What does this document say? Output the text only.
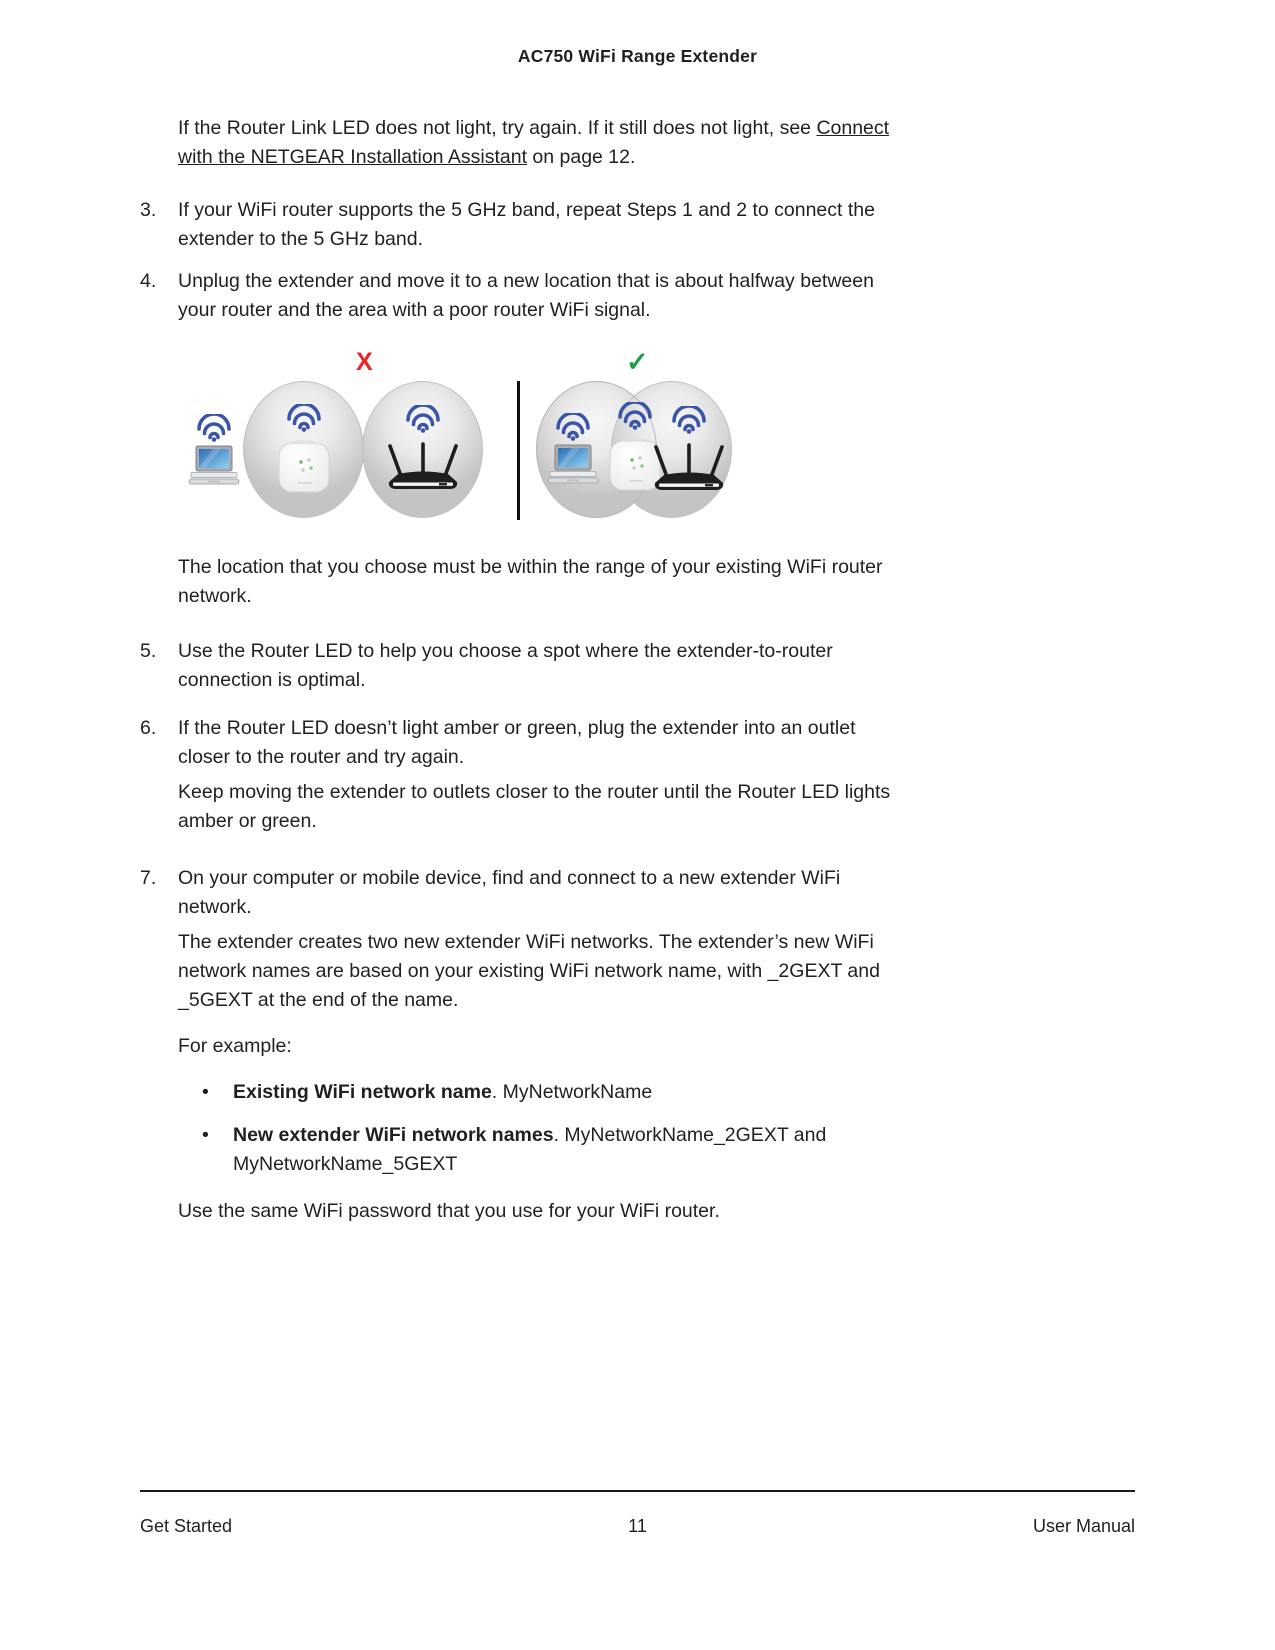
AC750 WiFi Range Extender
If the Router Link LED does not light, try again. If it still does not light, see Connect
with the NETGEAR Installation Assistant on page 12.
3.	If your WiFi router supports the 5 GHz band, repeat Steps 1 and 2 to connect the
extender to the 5 GHz band.
4.	Unplug the extender and move it to a new location that is about halfway between
your router and the area with a poor router WiFi signal.
X	✓
The location that you choose must be within the range of your existing WiFi router
network.
5.	Use the Router LED to help you choose a spot where the extender-to-router
connection is optimal.
6.	If the Router LED doesn’t light amber or green, plug the extender into an outlet
closer to the router and try again.
Keep moving the extender to outlets closer to the router until the Router LED lights
amber or green.
7.	On your computer or mobile device, find and connect to a new extender WiFi
network.
The extender creates two new extender WiFi networks. The extender’s new WiFi
network names are based on your existing WiFi network name, with _2GEXT and
_5GEXT at the end of the name.
For example:
•	Existing WiFi network name. MyNetworkName
•	New extender WiFi network names. MyNetworkName_2GEXT and
MyNetworkName_5GEXT
Use the same WiFi password that you use for your WiFi router.
Get Started	11	User Manual
